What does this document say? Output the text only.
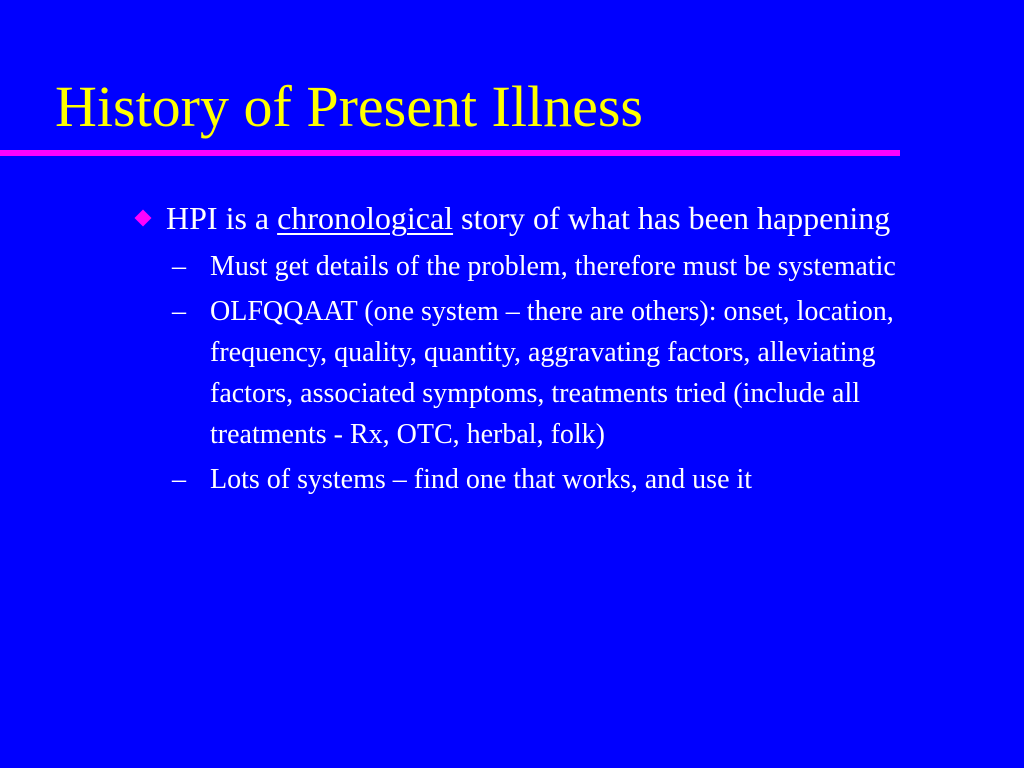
History of Present Illness
HPI is a chronological story of what has been happening
– Must get details of the problem, therefore must be systematic
– OLFQQAAT (one system – there are others): onset, location, frequency, quality, quantity, aggravating factors, alleviating factors, associated symptoms, treatments tried (include all treatments - Rx, OTC, herbal, folk)
– Lots of systems – find one that works, and use it
